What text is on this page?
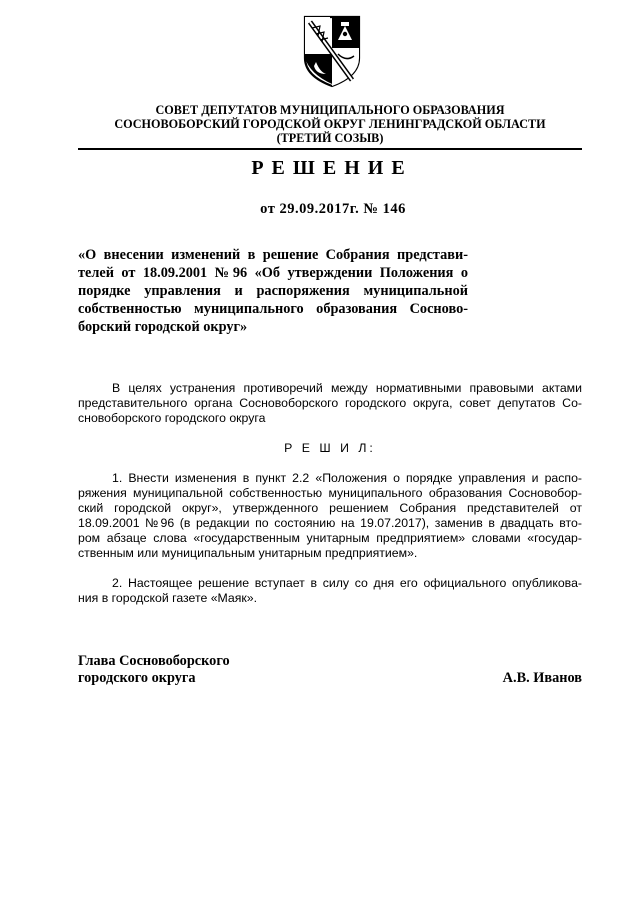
СОВЕТ ДЕПУТАТОВ МУНИЦИПАЛЬНОГО ОБРАЗОВАНИЯ
СОСНОВОБОРСКИЙ ГОРОДСКОЙ ОКРУГ ЛЕНИНГРАДСКОЙ ОБЛАСТИ
(ТРЕТИЙ СОЗЫВ)
РЕШЕНИЕ
от 29.09.2017г. № 146
«О внесении изменений в решение Собрания представи-
телей от 18.09.2001 №96 «Об утверждении Положения о
порядке управления и распоряжения муниципальной
собственностью муниципального образования Сосново-
борский городской округ»
В целях устранения противоречий между нормативными правовыми актами
представительного органа Сосновоборского городского округа, совет депутатов Со-
сновоборского городского округа
Р Е Ш И Л:
1. Внести изменения в пункт 2.2 «Положения о порядке управления и распо-
ряжения муниципальной собственностью муниципального образования Сосновобор-
ский городской округ», утвержденного решением Собрания представителей от
18.09.2001 №96 (в редакции по состоянию на 19.07.2017), заменив в двадцать вто-
ром абзаце слова «государственным унитарным предприятием» словами «государ-
ственным или муниципальным унитарным предприятием».
2. Настоящее решение вступает в силу со дня его официального опубликова-
ния в городской газете «Маяк».
Глава Сосновоборского
городского округа	А.В. Иванов
